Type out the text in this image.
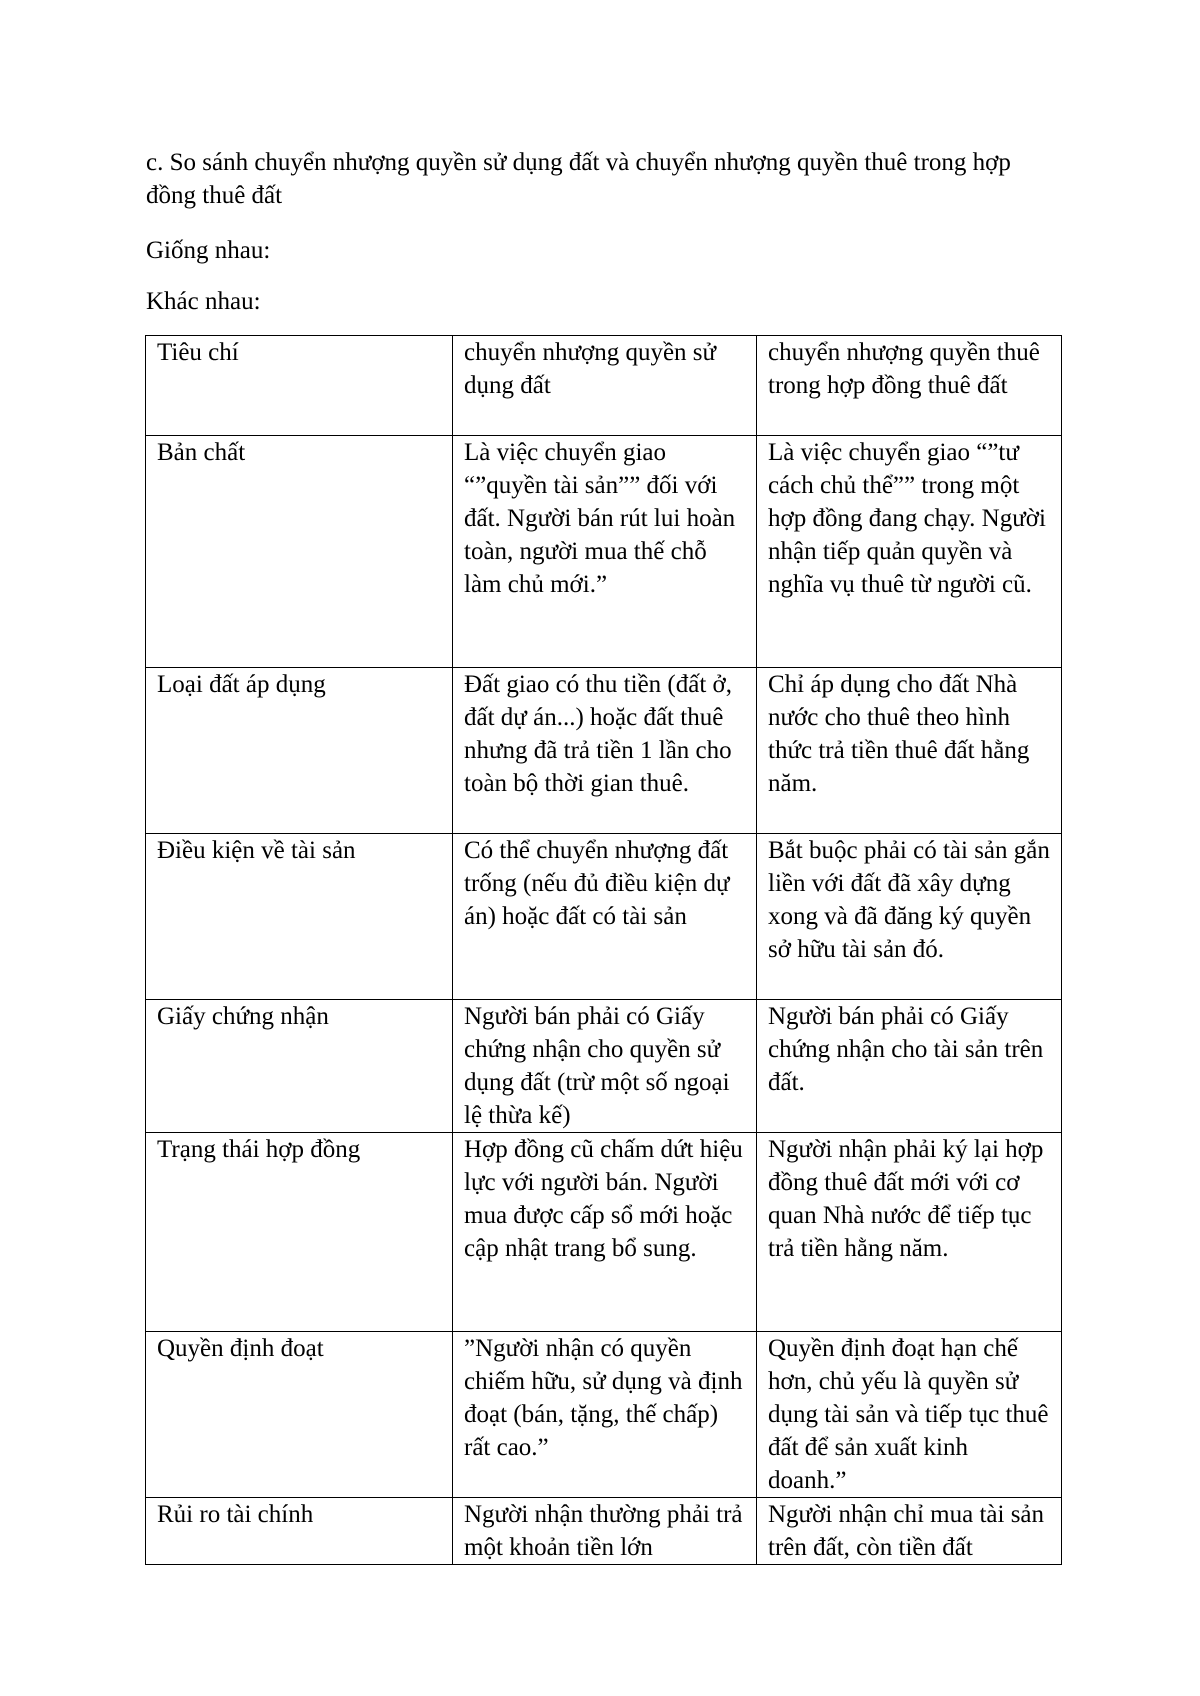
c. So sánh chuyển nhượng quyền sử dụng đất và chuyển nhượng quyền thuê trong hợp đồng thuê đất

Giống nhau:

Khác nhau:

Tiêu chí	chuyển nhượng quyền sử dụng đất	chuyển nhượng quyền thuê trong hợp đồng thuê đất
Bản chất	Là việc chuyển giao “”quyền tài sản”” đối với đất. Người bán rút lui hoàn toàn, người mua thế chỗ làm chủ mới.”	Là việc chuyển giao “”tư cách chủ thể”” trong một hợp đồng đang chạy. Người nhận tiếp quản quyền và nghĩa vụ thuê từ người cũ.
Loại đất áp dụng	Đất giao có thu tiền (đất ở, đất dự án...) hoặc đất thuê nhưng đã trả tiền 1 lần cho toàn bộ thời gian thuê.	Chỉ áp dụng cho đất Nhà nước cho thuê theo hình thức trả tiền thuê đất hằng năm.
Điều kiện về tài sản	Có thể chuyển nhượng đất trống (nếu đủ điều kiện dự án) hoặc đất có tài sản	Bắt buộc phải có tài sản gắn liền với đất đã xây dựng xong và đã đăng ký quyền sở hữu tài sản đó.
Giấy chứng nhận	Người bán phải có Giấy chứng nhận cho quyền sử dụng đất (trừ một số ngoại lệ thừa kế)	Người bán phải có Giấy chứng nhận cho tài sản trên đất.
Trạng thái hợp đồng	Hợp đồng cũ chấm dứt hiệu lực với người bán. Người mua được cấp sổ mới hoặc cập nhật trang bổ sung.	Người nhận phải ký lại hợp đồng thuê đất mới với cơ quan Nhà nước để tiếp tục trả tiền hằng năm.
Quyền định đoạt	”Người nhận có quyền chiếm hữu, sử dụng và định đoạt (bán, tặng, thế chấp) rất cao.”	Quyền định đoạt hạn chế hơn, chủ yếu là quyền sử dụng tài sản và tiếp tục thuê đất để sản xuất kinh doanh.”
Rủi ro tài chính	Người nhận thường phải trả một khoản tiền lớn	Người nhận chỉ mua tài sản trên đất, còn tiền đất
